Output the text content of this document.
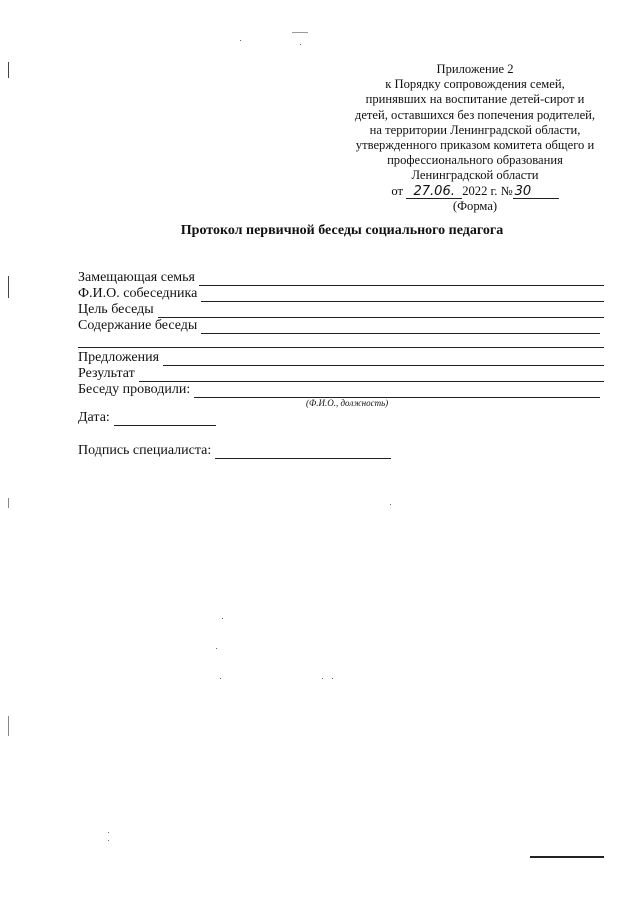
Приложение 2
к Порядку сопровождения семей,
принявших на воспитание детей-сирот и
детей, оставшихся без попечения родителей,
на территории Ленинградской области,
утвержденного приказом комитета общего и
профессионального образования
Ленинградской области
от 27.06. 2022 г. № 30
(Форма)
Протокол первичной беседы социального педагога
Замещающая семья
Ф.И.О. собеседника
Цель беседы
Содержание беседы
Предложения
Результат
Беседу проводили:
(Ф.И.О., должность)
Дата:
Подпись специалиста:
